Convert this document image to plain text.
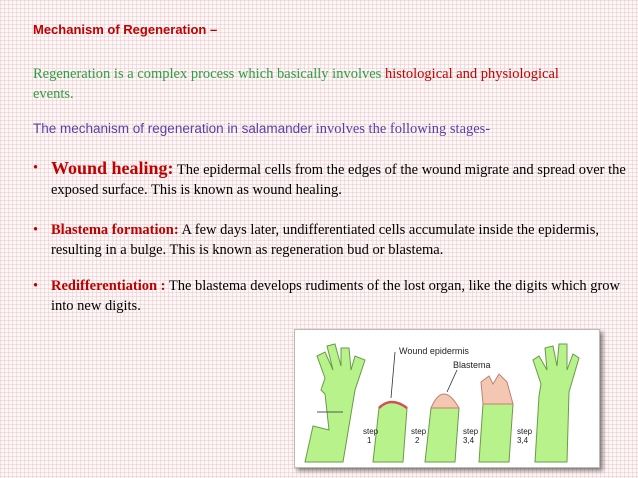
Mechanism of Regeneration –
Regeneration is a complex process which basically involves histological and physiological
events.
The mechanism of regeneration in salamander involves the following stages-
• Wound healing: The epidermal cells from the edges of the wound migrate and spread over the exposed surface. This is known as wound healing.
• Blastema formation: A few days later, undifferentiated cells accumulate inside the epidermis, resulting in a bulge. This is known as regeneration bud or blastema.
• Redifferentiation : The blastema develops rudiments of the lost organ, like the digits which grow into new digits.
Wound epidermis
Blastema
step
1
step
2
step
3,4
step
3,4
